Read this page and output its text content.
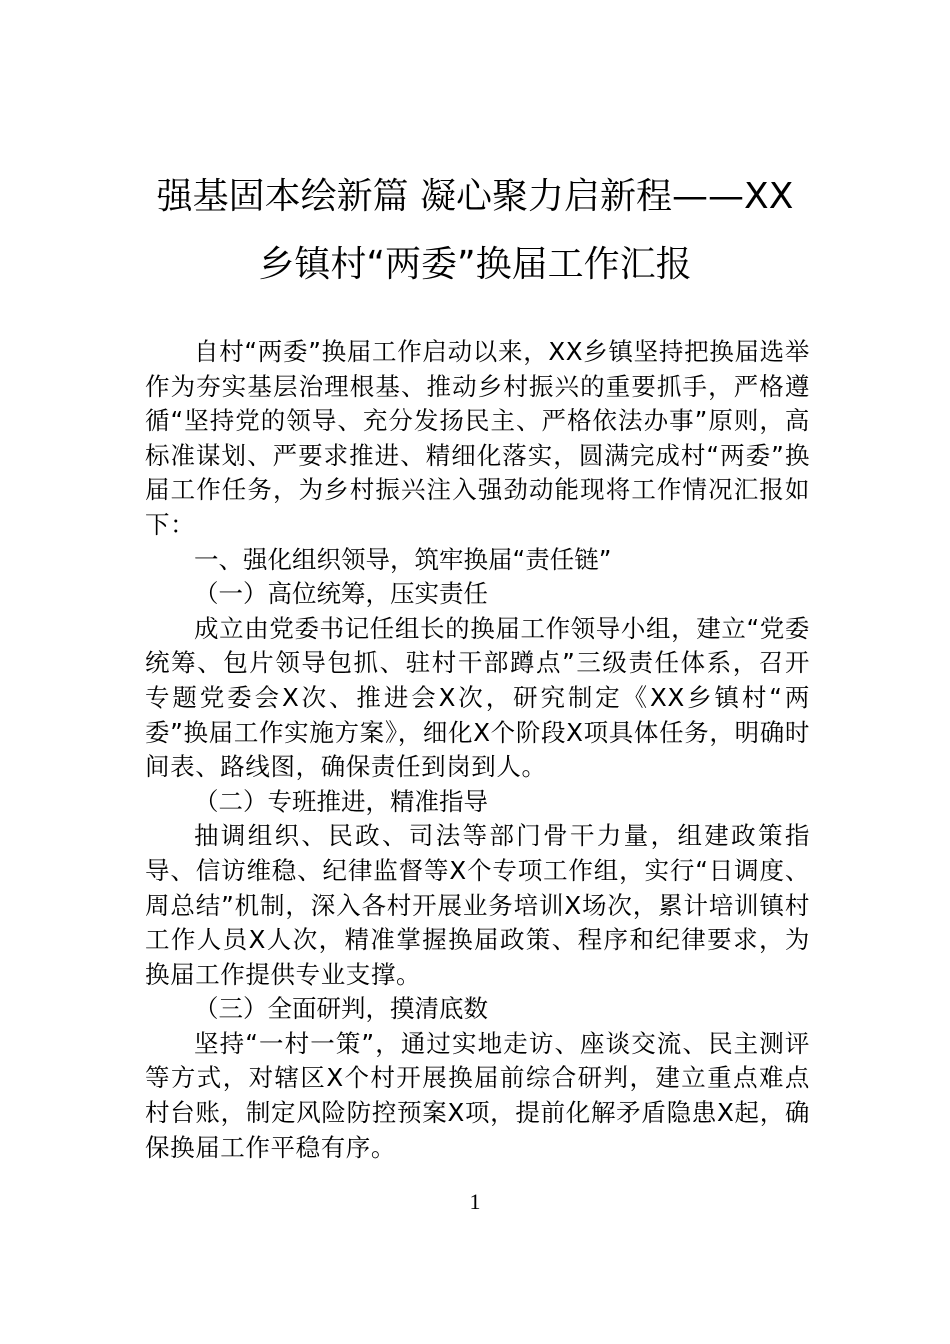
强基固本绘新篇 凝心聚力启新程——XX
乡镇村“两委”换届工作汇报

自村“两委”换届工作启动以来，XX乡镇坚持把换届选举作为夯实基层治理根基、推动乡村振兴的重要抓手，严格遵循“坚持党的领导、充分发扬民主、严格依法办事”原则，高标准谋划、严要求推进、精细化落实，圆满完成村“两委”换届工作任务，为乡村振兴注入强劲动能现将工作情况汇报如下：

一、强化组织领导，筑牢换届“责任链”

（一）高位统筹，压实责任

成立由党委书记任组长的换届工作领导小组，建立“党委统筹、包片领导包抓、驻村干部蹲点”三级责任体系，召开专题党委会X次、推进会X次，研究制定《XX乡镇村“两委”换届工作实施方案》，细化X个阶段X项具体任务，明确时间表、路线图，确保责任到岗到人。

（二）专班推进，精准指导

抽调组织、民政、司法等部门骨干力量，组建政策指导、信访维稳、纪律监督等X个专项工作组，实行“日调度、周总结”机制，深入各村开展业务培训X场次，累计培训镇村工作人员X人次，精准掌握换届政策、程序和纪律要求，为换届工作提供专业支撑。

（三）全面研判，摸清底数

坚持“一村一策”，通过实地走访、座谈交流、民主测评等方式，对辖区X个村开展换届前综合研判，建立重点难点村台账，制定风险防控预案X项，提前化解矛盾隐患X起，确保换届工作平稳有序。

1
